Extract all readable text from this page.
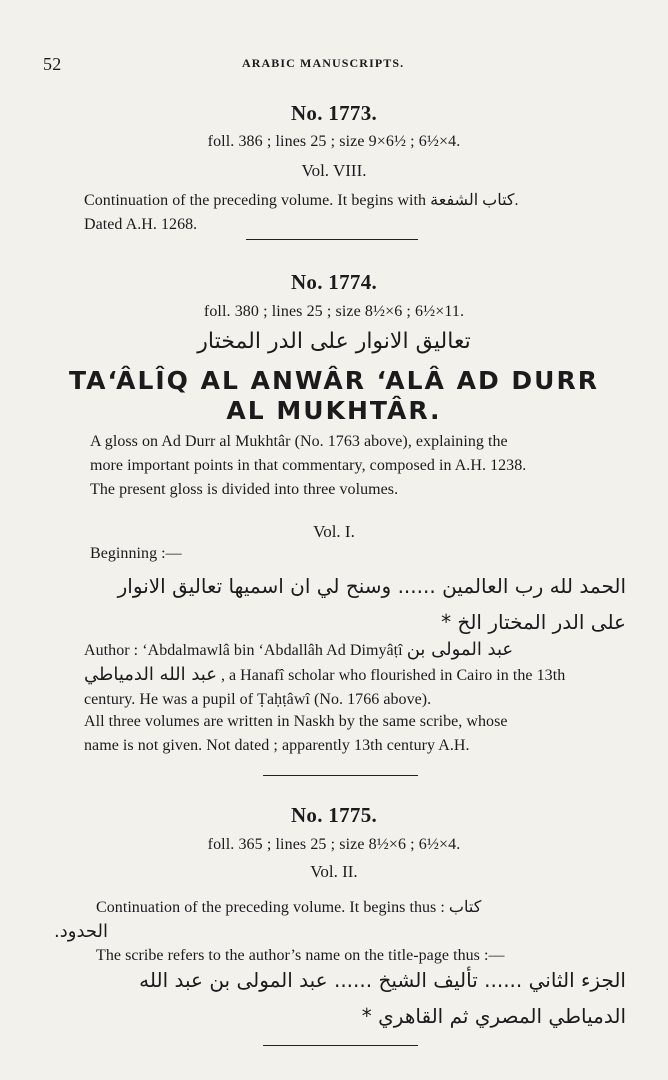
52	ARABIC MANUSCRIPTS.
No. 1773.
foll. 386 ; lines 25 ; size 9×6½ ; 6½×4.
Vol. VIII.
Continuation of the preceding volume. It begins with كتاب الشفعة.
Dated A.H. 1268.
No. 1774.
foll. 380 ; lines 25 ; size 8½×6 ; 6½×11.
تعاليق الانوار على الدر المختار
TA‘ÂLÎQ AL ANWÂR ‘ALÂ AD DURR
AL MUKHTÂR.
A gloss on Ad Durr al Mukhtâr (No. 1763 above), explaining the
more important points in that commentary, composed in A.H. 1238.
The present gloss is divided into three volumes.
Vol. I.
Beginning :—
الحمد لله رب العالمين ...... وسنح لي ان اسميها تعاليق الانوار
على الدر المختار الخ *
Author : ‘Abdalmawlâ bin ‘Abdallâh Ad Dimyâṭî عبد المولى بن
عبد الله الدمياطي , a Hanafî scholar who flourished in Cairo in the 13th
century. He was a pupil of Ṭaḥṭâwî (No. 1766 above).
All three volumes are written in Naskh by the same scribe, whose
name is not given. Not dated ; apparently 13th century A.H.
No. 1775.
foll. 365 ; lines 25 ; size 8½×6 ; 6½×4.
Vol. II.
Continuation of the preceding volume. It begins thus : كتاب
الحدود.
The scribe refers to the author’s name on the title-page thus :—
الجزء الثاني ...... تأليف الشيخ ...... عبد المولى بن عبد الله
الدمياطي المصري ثم القاهري *
